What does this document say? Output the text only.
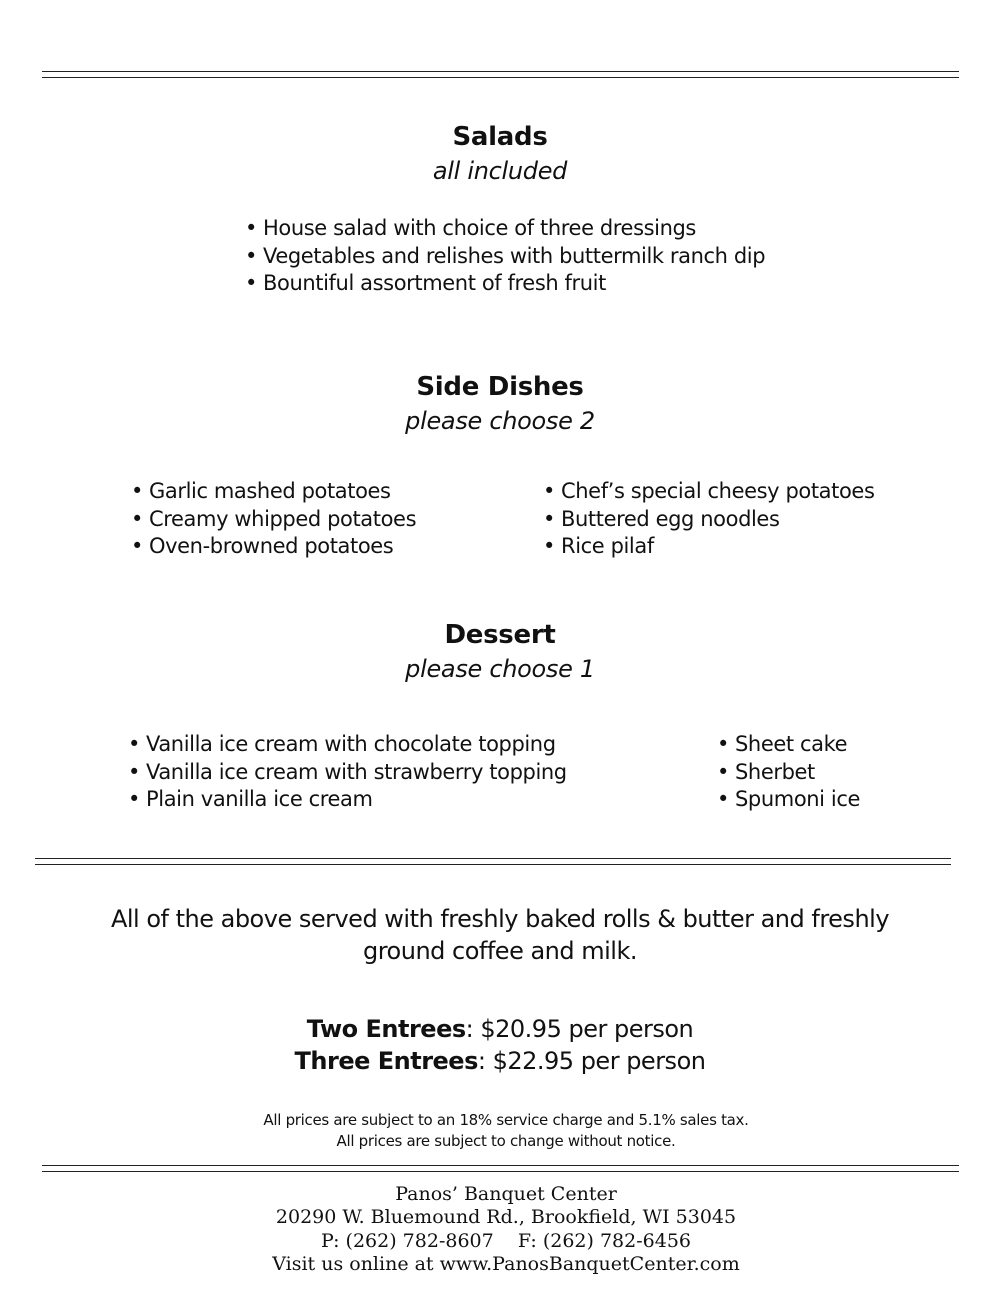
Salads
all included
• House salad with choice of three dressings
• Vegetables and relishes with buttermilk ranch dip
• Bountiful assortment of fresh fruit
Side Dishes
please choose 2
• Garlic mashed potatoes
• Creamy whipped potatoes
• Oven-browned potatoes
• Chef’s special cheesy potatoes
• Buttered egg noodles
• Rice pilaf
Dessert
please choose 1
• Vanilla ice cream with chocolate topping
• Vanilla ice cream with strawberry topping
• Plain vanilla ice cream
• Sheet cake
• Sherbet
• Spumoni ice
All of the above served with freshly baked rolls & butter and freshly
ground coffee and milk.
Two Entrees: $20.95 per person
Three Entrees: $22.95 per person
All prices are subject to an 18% service charge and 5.1% sales tax.
All prices are subject to change without notice.
Panos’ Banquet Center
20290 W. Bluemound Rd., Brookfield, WI 53045
P: (262) 782-8607    F: (262) 782-6456
Visit us online at www.PanosBanquetCenter.com
